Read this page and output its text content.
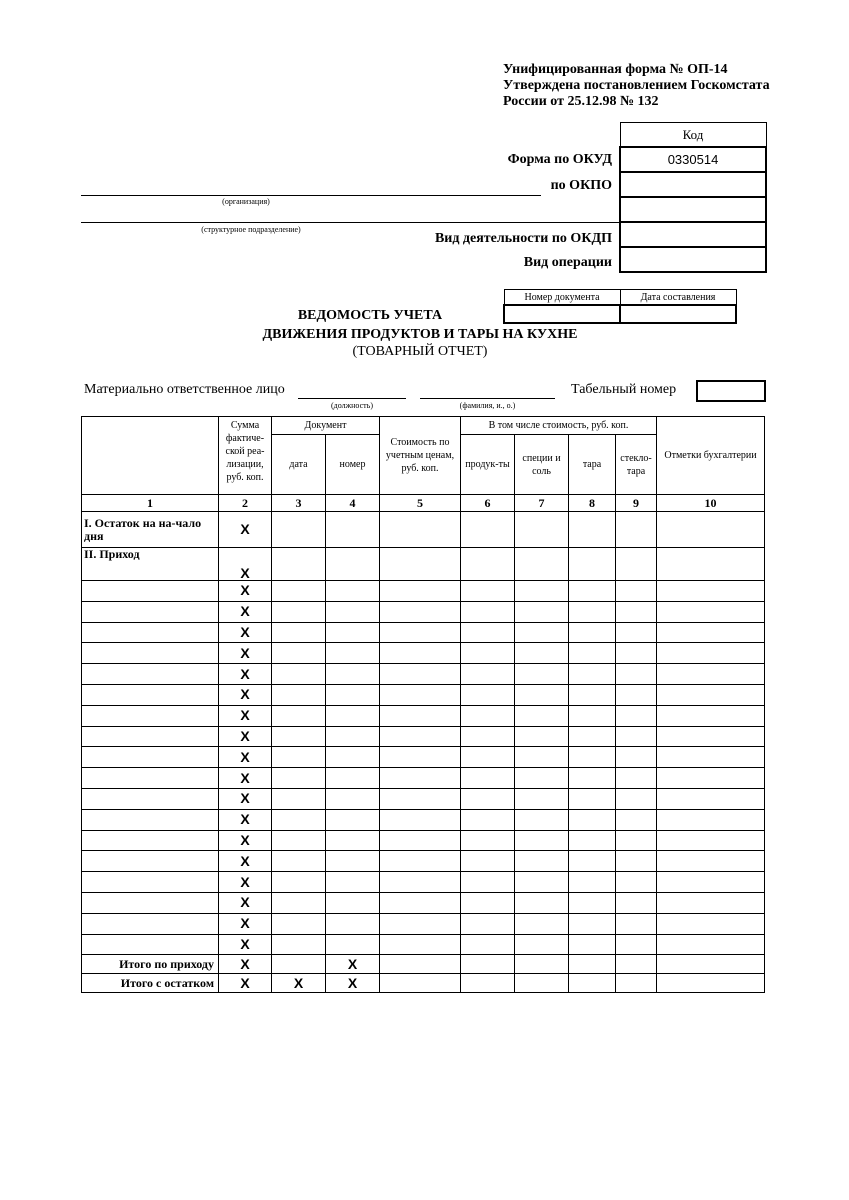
Унифицированная форма № ОП-14
Утверждена постановлением Госкомстата
России от 25.12.98 № 132
Код
0330514

Форма по ОКУД
по ОКПО
Вид деятельности по ОКДП
Вид операции
(организация)
(структурное подразделение)
Номер документа	Дата составления

ВЕДОМОСТЬ УЧЕТА
ДВИЖЕНИЯ ПРОДУКТОВ И ТАРЫ НА КУХНЕ
(ТОВАРНЫЙ ОТЧЕТ)
Материально ответственное лицо
(должность)	(фамилия, и., о.)
Табельный номер
	Сумма фактиче-ской реа-лизации, руб. коп.	Документ		Стоимость по учетным ценам, руб. коп.	В том числе стоимость, руб. коп.				Отметки бухгалтерии
		дата	номер		продук-ты	специи и соль	тара	стекло-тара	
1	2	3	4	5	6	7	8	9	10
I. Остаток на на-чало дня	X								
II. Приход	X								
	X								
	X								
	X								
	X								
	X								
	X								
	X								
	X								
	X								
	X								
	X								
	X								
	X								
	X								
	X								
	X								
	X								
	X								
Итого по приходу	X		X						
Итого с остатком	X	X	X						
